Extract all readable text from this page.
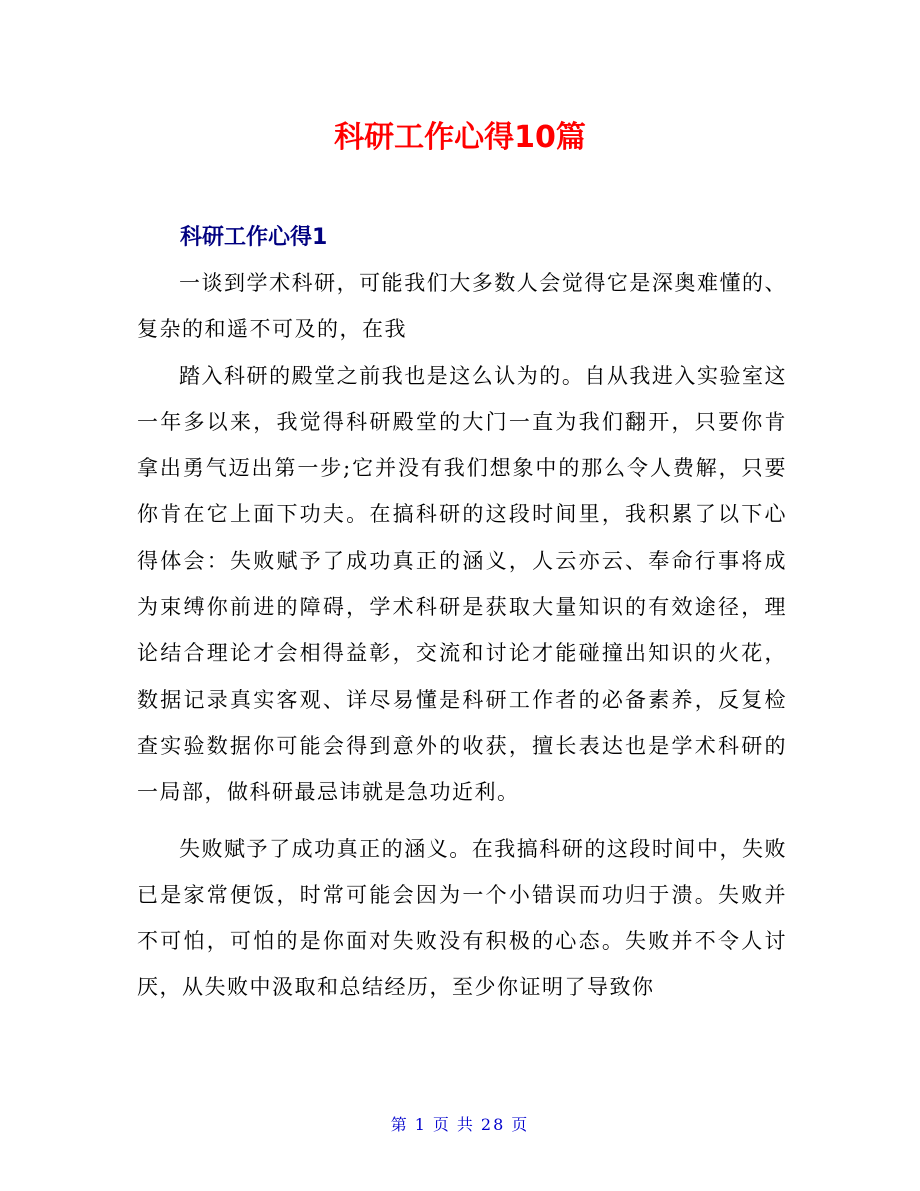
科研工作心得10篇
科研工作心得1

一谈到学术科研，可能我们大多数人会觉得它是深奥难懂的、复杂的和遥不可及的，在我

踏入科研的殿堂之前我也是这么认为的。自从我进入实验室这一年多以来，我觉得科研殿堂的大门一直为我们翻开，只要你肯拿出勇气迈出第一步;它并没有我们想象中的那么令人费解，只要你肯在它上面下功夫。在搞科研的这段时间里，我积累了以下心得体会：失败赋予了成功真正的涵义，人云亦云、奉命行事将成为束缚你前进的障碍，学术科研是获取大量知识的有效途径，理论结合理论才会相得益彰，交流和讨论才能碰撞出知识的火花，数据记录真实客观、详尽易懂是科研工作者的必备素养，反复检查实验数据你可能会得到意外的收获，擅长表达也是学术科研的一局部，做科研最忌讳就是急功近利。

失败赋予了成功真正的涵义。在我搞科研的这段时间中，失败已是家常便饭，时常可能会因为一个小错误而功归于溃。失败并不可怕，可怕的是你面对失败没有积极的心态。失败并不令人讨厌，从失败中汲取和总结经历，至少你证明了导致你

第 1 页 共 28 页
